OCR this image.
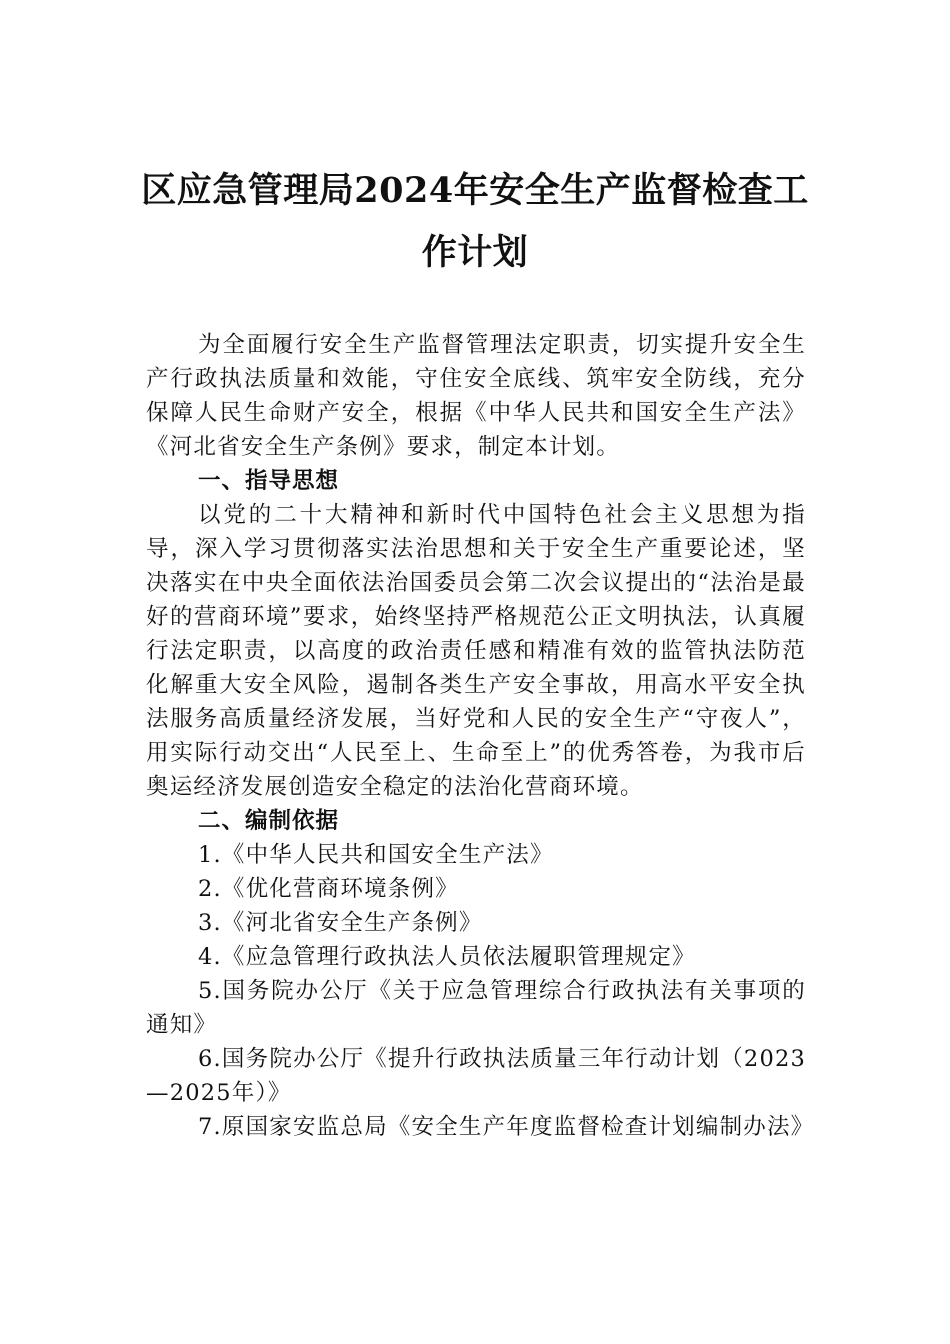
区应急管理局2024年安全生产监督检查工
作计划

为全面履行安全生产监督管理法定职责，切实提升安全生产行政执法质量和效能，守住安全底线、筑牢安全防线，充分保障人民生命财产安全，根据《中华人民共和国安全生产法》《河北省安全生产条例》要求，制定本计划。

一、指导思想

以党的二十大精神和新时代中国特色社会主义思想为指导，深入学习贯彻落实法治思想和关于安全生产重要论述，坚决落实在中央全面依法治国委员会第二次会议提出的“法治是最好的营商环境”要求，始终坚持严格规范公正文明执法，认真履行法定职责，以高度的政治责任感和精准有效的监管执法防范化解重大安全风险，遏制各类生产安全事故，用高水平安全执法服务高质量经济发展，当好党和人民的安全生产“守夜人”，用实际行动交出“人民至上、生命至上”的优秀答卷，为我市后奥运经济发展创造安全稳定的法治化营商环境。

二、编制依据

1.《中华人民共和国安全生产法》

2.《优化营商环境条例》

3.《河北省安全生产条例》

4.《应急管理行政执法人员依法履职管理规定》

5.国务院办公厅《关于应急管理综合行政执法有关事项的通知》

6.国务院办公厅《提升行政执法质量三年行动计划（2023—2025年）》

7.原国家安监总局《安全生产年度监督检查计划编制办法》
